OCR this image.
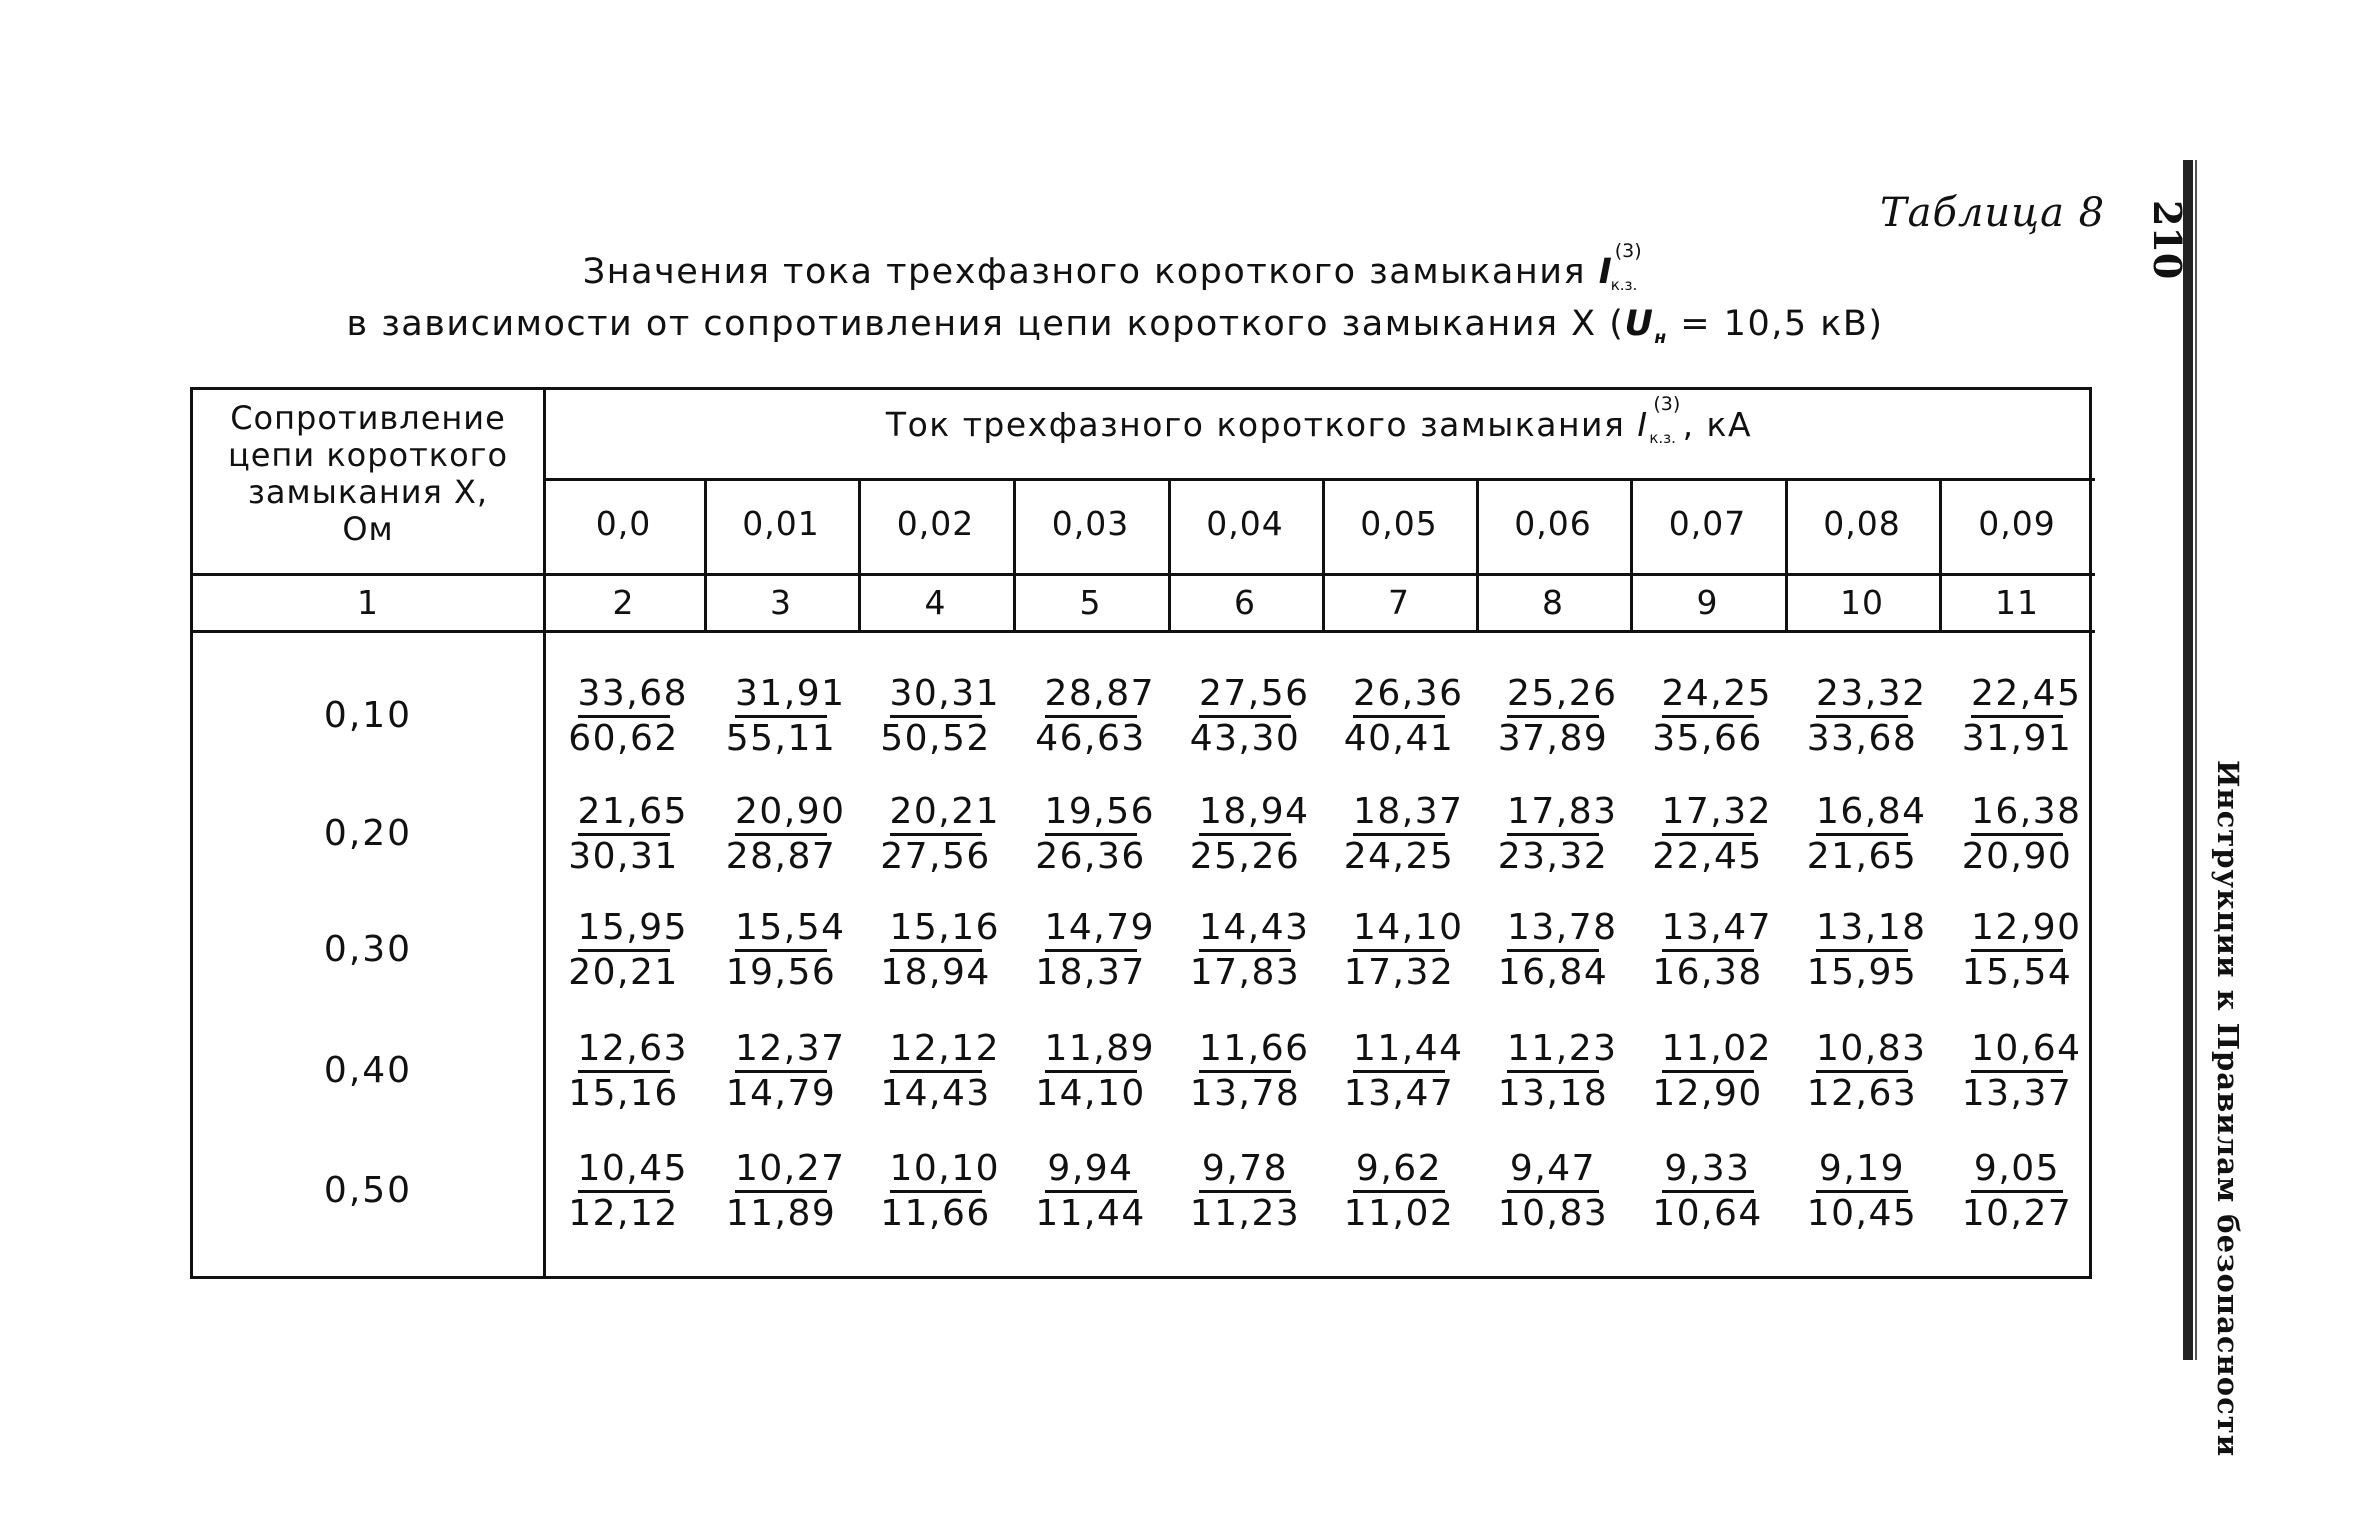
Таблица 8
Значения тока трехфазного короткого замыкания I
(3)
к.з.
в зависимости от сопротивления цепи короткого замыкания X ($U_н = 10,5$ кВ)
Сопротивление
цепи короткого
замыкания X,
Ом
Ток трехфазного короткого замыкания I
(3)
к.з. , кА
0,0	0,01	0,02	0,03	0,04	0,05	0,06	0,07	0,08	0,09
1	2	3	4	5	6	7	8	9	10	11
0,10	$\frac{33,68}{60,62} \frac{31,91}{55,11} \frac{30,31}{50,52} \frac{28,87}{46,63} \frac{27,56}{43,30} \frac{26,36}{40,41} \frac{25,26}{37,89} \frac{24,25}{35,66} \frac{23,32}{33,68} \frac{22,45}{31,91}$
0,20	$\frac{21,65}{30,31} \frac{20,90}{28,87} \frac{20,21}{27,56} \frac{19,56}{26,36} \frac{18,94}{25,26} \frac{18,37}{24,25} \frac{17,83}{23,32} \frac{17,32}{22,45} \frac{16,84}{21,65} \frac{16,38}{20,90}$
0,30	$\frac{15,95}{20,21} \frac{15,54}{19,56} \frac{15,16}{18,94} \frac{14,79}{18,37} \frac{14,43}{17,83} \frac{14,10}{17,32} \frac{13,78}{16,84} \frac{13,47}{16,38} \frac{13,18}{15,95} \frac{12,90}{15,54}$
0,40	$\frac{12,63}{15,16} \frac{12,37}{14,79} \frac{12,12}{14,43} \frac{11,89}{14,10} \frac{11,66}{13,78} \frac{11,44}{13,47} \frac{11,23}{13,18} \frac{11,02}{12,90} \frac{10,83}{12,63} \frac{10,64}{13,37}$
0,50	$\frac{10,45}{12,12} \frac{10,27}{11,89} \frac{10,10}{11,66} \frac{9,94}{11,44} \frac{9,78}{11,23} \frac{9,62}{11,02} \frac{9,47}{10,83} \frac{9,33}{10,64} \frac{9,19}{10,45} \frac{9,05}{10,27}$
210
Инструкции к Правилам безопасности
